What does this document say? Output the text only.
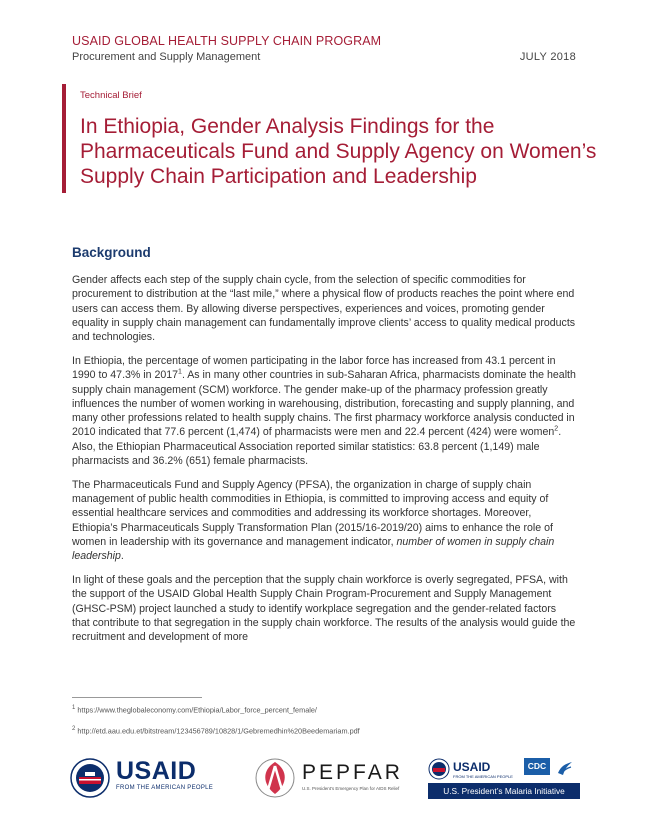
USAID GLOBAL HEALTH SUPPLY CHAIN PROGRAM
Procurement and Supply Management	JULY 2018
Technical Brief
In Ethiopia, Gender Analysis Findings for the Pharmaceuticals Fund and Supply Agency on Women’s Supply Chain Participation and Leadership
Background

Gender affects each step of the supply chain cycle, from the selection of specific commodities for procurement to distribution at the “last mile,” where a physical flow of products reaches the point where end users can access them. By allowing diverse perspectives, experiences and voices, promoting gender equality in supply chain management can fundamentally improve clients’ access to quality medical products and technologies.

In Ethiopia, the percentage of women participating in the labor force has increased from 43.1 percent in 1990 to 47.3% in 2017$^1$. As in many other countries in sub-Saharan Africa, pharmacists dominate the health supply chain management (SCM) workforce. The gender make-up of the pharmacy profession greatly influences the number of women working in warehousing, distribution, forecasting and supply planning, and many other professions related to health supply chains. The first pharmacy workforce analysis conducted in 2010 indicated that 77.6 percent (1,474) of pharmacists were men and 22.4 percent (424) were women$^2$. Also, the Ethiopian Pharmaceutical Association reported similar statistics: 63.8 percent (1,149) male pharmacists and 36.2% (651) female pharmacists.

The Pharmaceuticals Fund and Supply Agency (PFSA), the organization in charge of supply chain management of public health commodities in Ethiopia, is committed to improving access and equity of essential healthcare services and commodities and addressing its workforce shortages. Moreover, Ethiopia’s Pharmaceuticals Supply Transformation Plan (2015/16-2019/20) aims to enhance the role of women in leadership with its governance and management indicator, number of women in supply chain leadership.

In light of these goals and the perception that the supply chain workforce is overly segregated, PFSA, with the support of the USAID Global Health Supply Chain Program-Procurement and Supply Management (GHSC-PSM) project launched a study to identify workplace segregation and the gender-related factors that contribute to that segregation in the supply chain workforce. The results of the analysis would guide the recruitment and development of more

$^1$ https://www.theglobaleconomy.com/Ethiopia/Labor_force_percent_female/
$^2$ http://etd.aau.edu.et/bitstream/123456789/10828/1/Gebremedhin%20Beedemariam.pdf
USAID
FROM THE AMERICAN PEOPLE
PEPFAR
U.S. President’s Emergency Plan for AIDS Relief
USAID
FROM THE AMERICAN PEOPLE
CDC
U.S. President’s Malaria Initiative
